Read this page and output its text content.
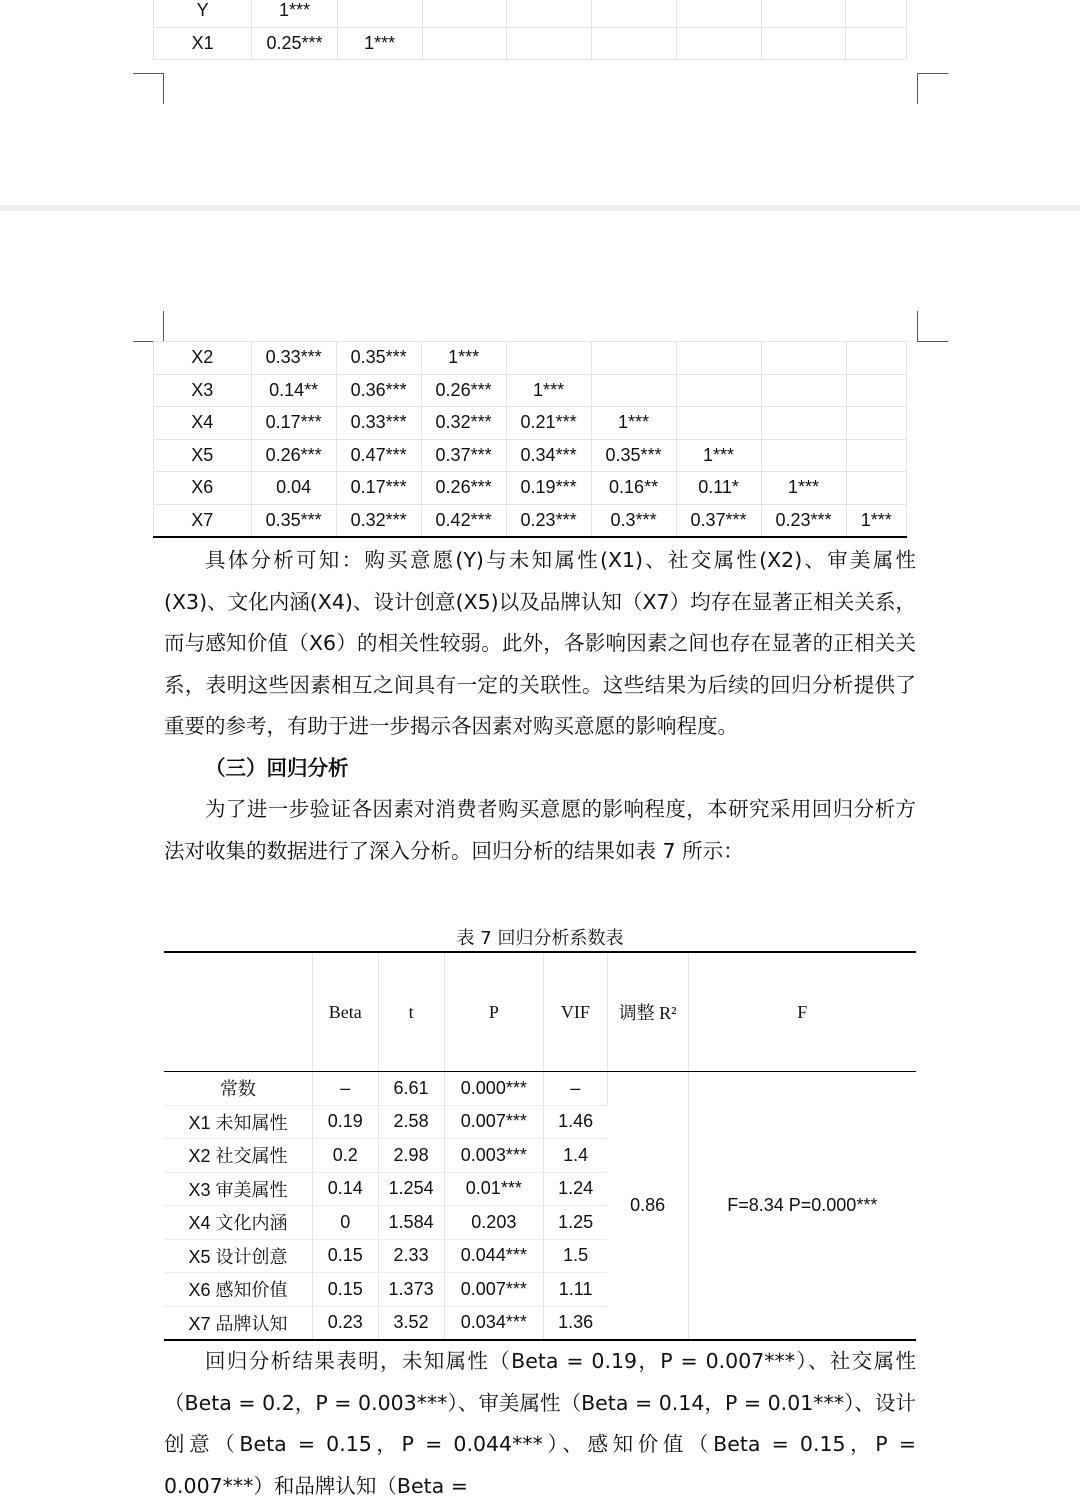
Y	1***							
X1	0.25***	1***						
X2	0.33***	0.35***	1***					
X3	0.14**	0.36***	0.26***	1***				
X4	0.17***	0.33***	0.32***	0.21***	1***			
X5	0.26***	0.47***	0.37***	0.34***	0.35***	1***		
X6	0.04	0.17***	0.26***	0.19***	0.16**	0.11*	1***	
X7	0.35***	0.32***	0.42***	0.23***	0.3***	0.37***	0.23***	1***

具体分析可知：购买意愿(Y)与未知属性(X1)、社交属性(X2)、审美属性(X3)、文化内涵(X4)、设计创意(X5)以及品牌认知（X7）均存在显著正相关关系，而与感知价值（X6）的相关性较弱。此外，各影响因素之间也存在显著的正相关关系，表明这些因素相互之间具有一定的关联性。这些结果为后续的回归分析提供了重要的参考，有助于进一步揭示各因素对购买意愿的影响程度。

（三）回归分析

为了进一步验证各因素对消费者购买意愿的影响程度，本研究采用回归分析方法对收集的数据进行了深入分析。回归分析的结果如表 7 所示：

表 7 回归分析系数表
	Beta	t	P	VIF	调整 R²	F
常数	–	6.61	0.000***	–	0.86	F=8.34 P=0.000***
X1 未知属性	0.19	2.58	0.007***	1.46		
X2 社交属性	0.2	2.98	0.003***	1.4		
X3 审美属性	0.14	1.254	0.01***	1.24		
X4 文化内涵	0	1.584	0.203	1.25		
X5 设计创意	0.15	2.33	0.044***	1.5		
X6 感知价值	0.15	1.373	0.007***	1.11		
X7 品牌认知	0.23	3.52	0.034***	1.36		

回归分析结果表明，未知属性（Beta = 0.19，P = 0.007***）、社交属性（Beta = 0.2，P = 0.003***）、审美属性（Beta = 0.14，P = 0.01***）、设计创意（Beta = 0.15，P = 0.044***）、感知价值（Beta = 0.15，P = 0.007***）和品牌认知（Beta =
